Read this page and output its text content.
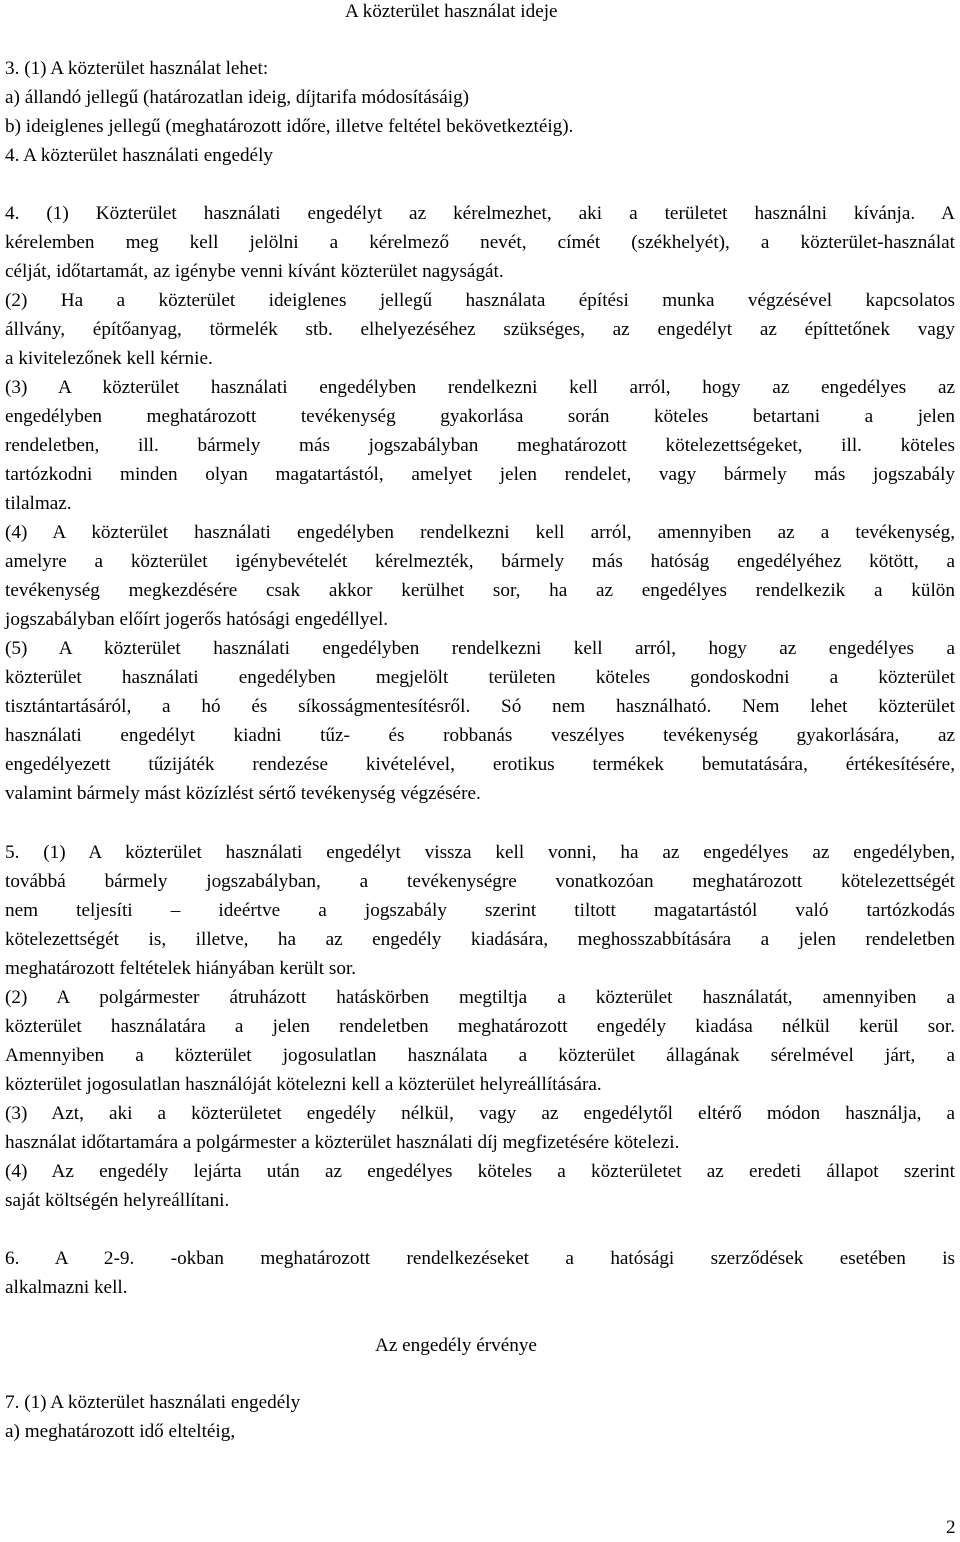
A közterület használat ideje
3. (1) A közterület használat lehet:
a) állandó jellegű (határozatlan ideig, díjtarifa módosításáig)
b) ideiglenes jellegű (meghatározott időre, illetve feltétel bekövetkeztéig).
4. A közterület használati engedély
4. (1) Közterület használati engedélyt az kérelmezhet, aki a területet használni kívánja. A
kérelemben meg kell jelölni a kérelmező nevét, címét (székhelyét), a közterület-használat
célját, időtartamát, az igénybe venni kívánt közterület nagyságát.
(2) Ha a közterület ideiglenes jellegű használata építési munka végzésével kapcsolatos
állvány, építőanyag, törmelék stb. elhelyezéséhez szükséges, az engedélyt az építtetőnek vagy
a kivitelezőnek kell kérnie.
(3) A közterület használati engedélyben rendelkezni kell arról, hogy az engedélyes az
engedélyben meghatározott tevékenység gyakorlása során köteles betartani a jelen
rendeletben, ill. bármely más jogszabályban meghatározott kötelezettségeket, ill. köteles
tartózkodni minden olyan magatartástól, amelyet jelen rendelet, vagy bármely más jogszabály
tilalmaz.
(4) A közterület használati engedélyben rendelkezni kell arról, amennyiben az a tevékenység,
amelyre a közterület igénybevételét kérelmezték, bármely más hatóság engedélyéhez kötött, a
tevékenység megkezdésére csak akkor kerülhet sor, ha az engedélyes rendelkezik a külön
jogszabályban előírt jogerős hatósági engedéllyel.
(5) A közterület használati engedélyben rendelkezni kell arról, hogy az engedélyes a
közterület használati engedélyben megjelölt területen köteles gondoskodni a közterület
tisztántartásáról, a hó és síkosságmentesítésről. Só nem használható. Nem lehet közterület
használati engedélyt kiadni tűz- és robbanás veszélyes tevékenység gyakorlására, az
engedélyezett tűzijáték rendezése kivételével, erotikus termékek bemutatására, értékesítésére,
valamint bármely mást közízlést sértő tevékenység végzésére.
5. (1) A közterület használati engedélyt vissza kell vonni, ha az engedélyes az engedélyben,
továbbá bármely jogszabályban, a tevékenységre vonatkozóan meghatározott kötelezettségét
nem teljesíti – ideértve a jogszabály szerint tiltott magatartástól való tartózkodás
kötelezettségét is, illetve, ha az engedély kiadására, meghosszabbítására a jelen rendeletben
meghatározott feltételek hiányában került sor.
(2) A polgármester átruházott hatáskörben megtiltja a közterület használatát, amennyiben a
közterület használatára a jelen rendeletben meghatározott engedély kiadása nélkül kerül sor.
Amennyiben a közterület jogosulatlan használata a közterület állagának sérelmével járt, a
közterület jogosulatlan használóját kötelezni kell a közterület helyreállítására.
(3) Azt, aki a közterületet engedély nélkül, vagy az engedélytől eltérő módon használja, a
használat időtartamára a polgármester a közterület használati díj megfizetésére kötelezi.
(4) Az engedély lejárta után az engedélyes köteles a közterületet az eredeti állapot szerint
saját költségén helyreállítani.
6. A 2-9. -okban meghatározott rendelkezéseket a hatósági szerződések esetében is
alkalmazni kell.
Az engedély érvénye
7. (1) A közterület használati engedély
a) meghatározott idő elteltéig,
2
